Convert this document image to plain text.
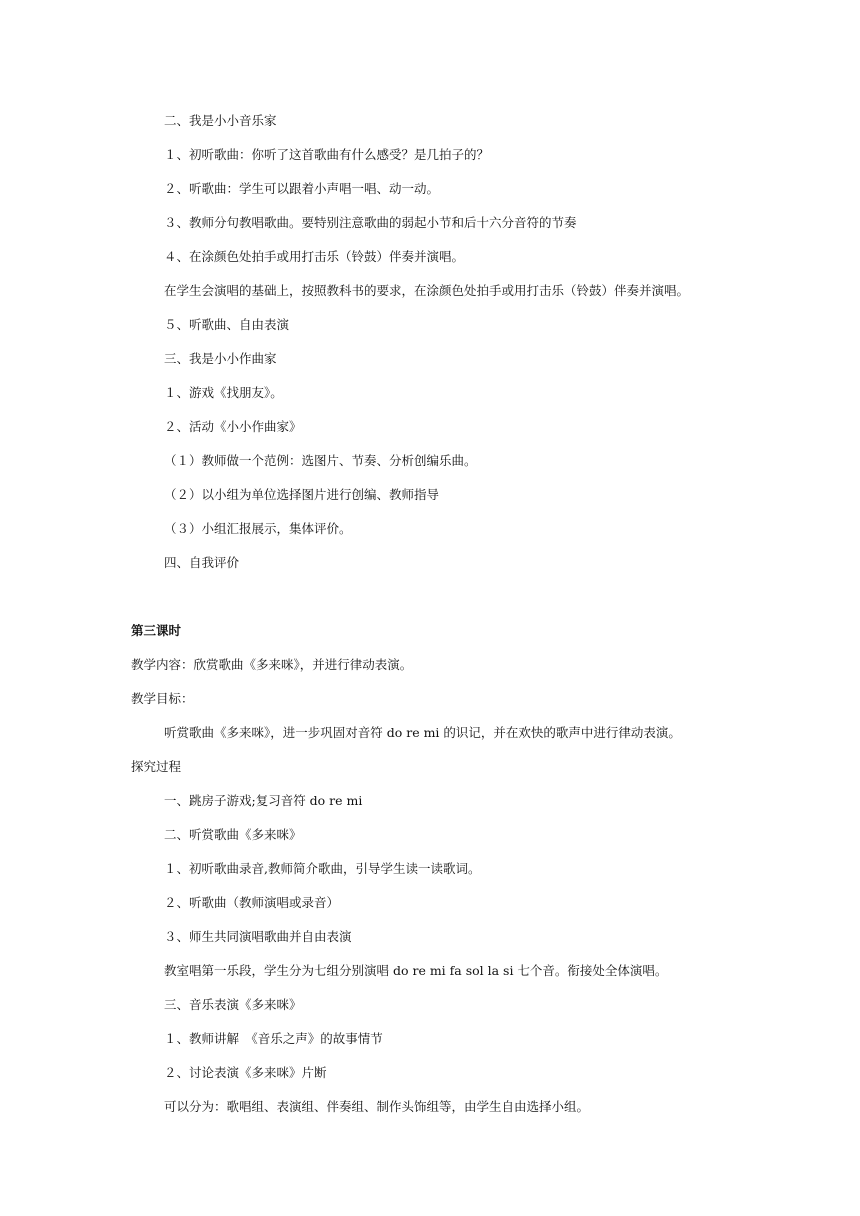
二、我是小小音乐家
１、初听歌曲：你听了这首歌曲有什么感受？是几拍子的？
２、听歌曲：学生可以跟着小声唱一唱、动一动。
３、教师分句教唱歌曲。要特别注意歌曲的弱起小节和后十六分音符的节奏
４、在涂颜色处拍手或用打击乐（铃鼓）伴奏并演唱。
在学生会演唱的基础上，按照教科书的要求，在涂颜色处拍手或用打击乐（铃鼓）伴奏并演唱。
５、听歌曲、自由表演
三、我是小小作曲家
１、游戏《找朋友》。
２、活动《小小作曲家》
（１）教师做一个范例：选图片、节奏、分析创编乐曲。
（２）以小组为单位选择图片进行创编、教师指导
（３）小组汇报展示，集体评价。
四、自我评价
第三课时
教学内容：欣赏歌曲《多来咪》，并进行律动表演。
教学目标：
听赏歌曲《多来咪》，进一步巩固对音符 do re mi 的识记，并在欢快的歌声中进行律动表演。
探究过程
一、跳房子游戏;复习音符 do re mi
二、听赏歌曲《多来咪》
１、初听歌曲录音,教师简介歌曲，引导学生读一读歌词。
２、听歌曲（教师演唱或录音）
３、师生共同演唱歌曲并自由表演
教室唱第一乐段，学生分为七组分别演唱 do re mi fa sol la si 七个音。衔接处全体演唱。
三、音乐表演《多来咪》
１、教师讲解　《音乐之声》的故事情节
２、讨论表演《多来咪》片断
可以分为：歌唱组、表演组、伴奏组、制作头饰组等，由学生自由选择小组。
